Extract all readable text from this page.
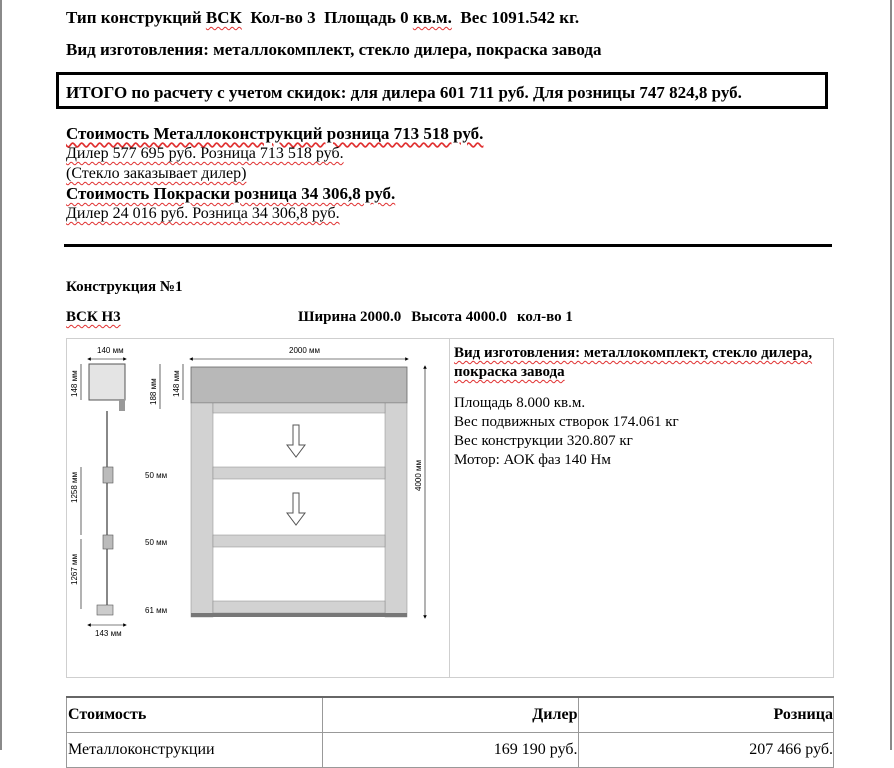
Тип конструкций ВСК  Кол-во 3  Площадь 0 кв.м.  Вес 1091.542 кг.
Вид изготовления: металлокомплект, стекло дилера, покраска завода
ИТОГО по расчету с учетом скидок: для дилера 601 711 руб. Для розницы 747 824,8 руб.
Стоимость Металлоконструкций розница 713 518 руб.
Дилер 577 695 руб. Розница 713 518 руб.
(Стекло заказывает дилер)
Стоимость Покраски розница 34 306,8 руб.
Дилер 24 016 руб. Розница 34 306,8 руб.
Конструкция №1
ВСК Н3	Ширина 2000.0 Высота 4000.0 кол-во 1
140 мм
148 мм
1258 мм
1267 мм
143 мм
188 мм 148 мм
50 мм
50 мм
61 мм
2000 мм
4000 мм
Вид изготовления: металлокомплект, стекло дилера, покраска завода
Площадь 8.000 кв.м.
Вес подвижных створок 174.061 кг
Вес конструкции 320.807 кг
Мотор: АОК фаз 140 Нм
Стоимость	Дилер	Розница
Металлоконструкции	169 190 руб.	207 466 руб.
